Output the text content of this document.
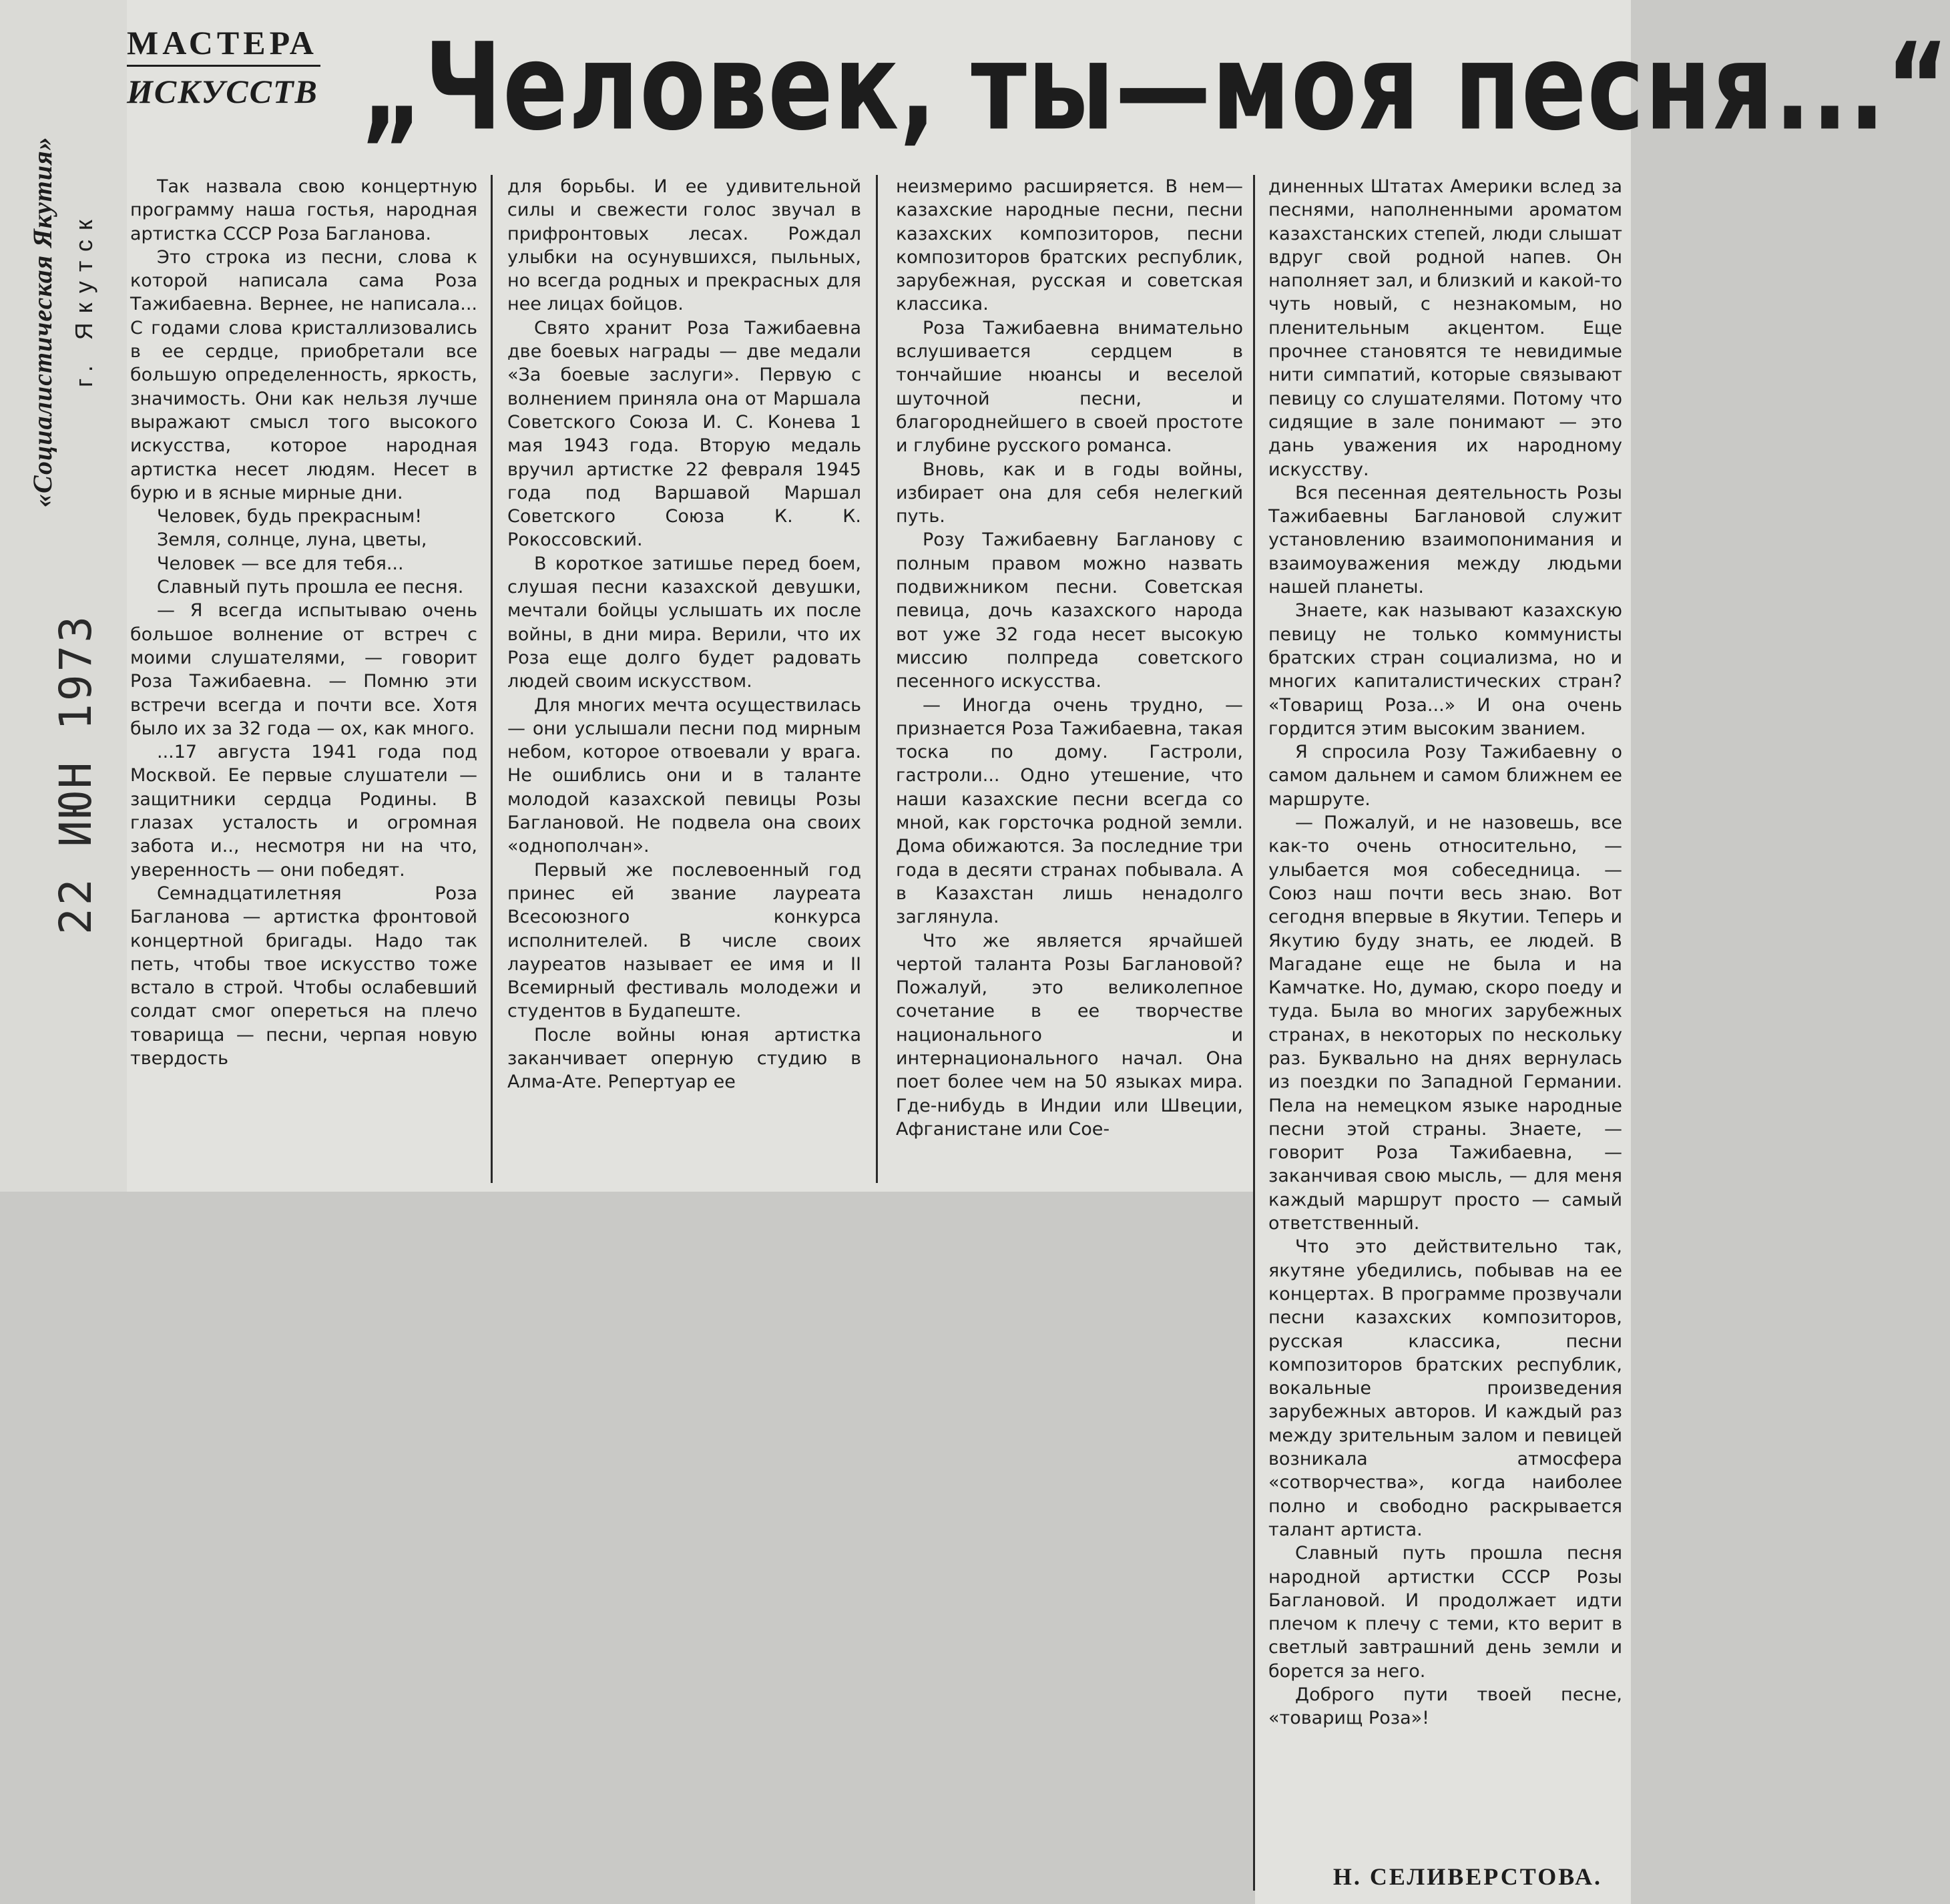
«Социалистическая Якутия» г. Якутск
22 ИЮН 1973
МАСТЕРА
ИСКУССТВ „Человек, ты—моя песня...“

Так назвала свою концертную программу наша гостья, народная артистка СССР Роза Багланова.

Это строка из песни, слова к которой написала сама Роза Тажибаевна. Вернее, не написала... С годами слова кристаллизовались в ее сердце, приобретали все большую определенность, яркость, значимость. Они как нельзя лучше выражают смысл того высокого искусства, которое народная артистка несет людям. Несет в бурю и в ясные мирные дни.

Человек, будь прекрасным!

Земля, солнце, луна, цветы,

Человек — все для тебя...

Славный путь прошла ее песня.

— Я всегда испытываю очень большое волнение от встреч с моими слушателями, — говорит Роза Тажибаевна. — Помню эти встречи всегда и почти все. Хотя было их за 32 года — ох, как много.

...17 августа 1941 года под Москвой. Ее первые слушатели — защитники сердца Родины. В глазах усталость и огромная забота и.., несмотря ни на что, уверенность — они победят.

Семнадцатилетняя Роза Багланова — артистка фронтовой концертной бригады. Надо так петь, чтобы твое искусство тоже встало в строй. Чтобы ослабевший солдат смог опереться на плечо товарища — песни, черпая новую твердость

для борьбы. И ее удивительной силы и свежести голос звучал в прифронтовых лесах. Рождал улыбки на осунувшихся, пыльных, но всегда родных и прекрасных для нее лицах бойцов.

Свято хранит Роза Тажибаевна две боевых награды — две медали «За боевые заслуги». Первую с волнением приняла она от Маршала Советского Союза И. С. Конева 1 мая 1943 года. Вторую медаль вручил артистке 22 февраля 1945 года под Варшавой Маршал Советского Союза К. К. Рокоссовский.

В короткое затишье перед боем, слушая песни казахской девушки, мечтали бойцы услышать их после войны, в дни мира. Верили, что их Роза еще долго будет радовать людей своим искусством.

Для многих мечта осуществилась — они услышали песни под мирным небом, которое отвоевали у врага. Не ошиблись они и в таланте молодой казахской певицы Розы Баглановой. Не подвела она своих «однополчан».

Первый же послевоенный год принес ей звание лауреата Всесоюзного конкурса исполнителей. В числе своих лауреатов называет ее имя и II Всемирный фестиваль молодежи и студентов в Будапеште.

После войны юная артистка заканчивает оперную студию в Алма-Ате. Репертуар ее

неизмеримо расширяется. В нем—казахские народные песни, песни казахских композиторов, песни композиторов братских республик, зарубежная, русская и советская классика.

Роза Тажибаевна внимательно вслушивается сердцем в тончайшие нюансы и веселой шуточной песни, и благороднейшего в своей простоте и глубине русского романса.

Вновь, как и в годы войны, избирает она для себя нелегкий путь.

Розу Тажибаевну Багланову с полным правом можно назвать подвижником песни. Советская певица, дочь казахского народа вот уже 32 года несет высокую миссию полпреда советского песенного искусства.

— Иногда очень трудно, — признается Роза Тажибаевна, такая тоска по дому. Гастроли, гастроли... Одно утешение, что наши казахские песни всегда со мной, как горсточка родной земли. Дома обижаются. За последние три года в десяти странах побывала. А в Казахстан лишь ненадолго заглянула.

Что же является ярчайшей чертой таланта Розы Баглановой? Пожалуй, это великолепное сочетание в ее творчестве национального и интернационального начал. Она поет более чем на 50 языках мира. Где-нибудь в Индии или Швеции, Афганистане или Сое-

диненных Штатах Америки вслед за песнями, наполненными ароматом казахстанских степей, люди слышат вдруг свой родной напев. Он наполняет зал, и близкий и какой-то чуть новый, с незнакомым, но пленительным акцентом. Еще прочнее становятся те невидимые нити симпатий, которые связывают певицу со слушателями. Потому что сидящие в зале понимают — это дань уважения их народному искусству.

Вся песенная деятельность Розы Тажибаевны Баглановой служит установлению взаимопонимания и взаимоуважения между людьми нашей планеты.

Знаете, как называют казахскую певицу не только коммунисты братских стран социализма, но и многих капиталистических стран? «Товарищ Роза...» И она очень гордится этим высоким званием.

Я спросила Розу Тажибаевну о самом дальнем и самом ближнем ее маршруте.

— Пожалуй, и не назовешь, все как-то очень относительно, — улыбается моя собеседница. — Союз наш почти весь знаю. Вот сегодня впервые в Якутии. Теперь и Якутию буду знать, ее людей. В Магадане еще не была и на Камчатке. Но, думаю, скоро поеду и туда. Была во многих зарубежных странах, в некоторых по нескольку раз. Буквально на днях вернулась из поездки по Западной Германии. Пела на немецком языке народные песни этой страны. Знаете, — говорит Роза Тажибаевна, — заканчивая свою мысль, — для меня каждый маршрут просто — самый ответственный.

Что это действительно так, якутяне убедились, побывав на ее концертах. В программе прозвучали песни казахских композиторов, русская классика, песни композиторов братских республик, вокальные произведения зарубежных авторов. И каждый раз между зрительным залом и певицей возникала атмосфера «сотворчества», когда наиболее полно и свободно раскрывается талант артиста.

Славный путь прошла песня народной артистки СССР Розы Баглановой. И продолжает идти плечом к плечу с теми, кто верит в светлый завтрашний день земли и борется за него.

Доброго пути твоей песне, «товарищ Роза»!

Н. СЕЛИВЕРСТОВА.
